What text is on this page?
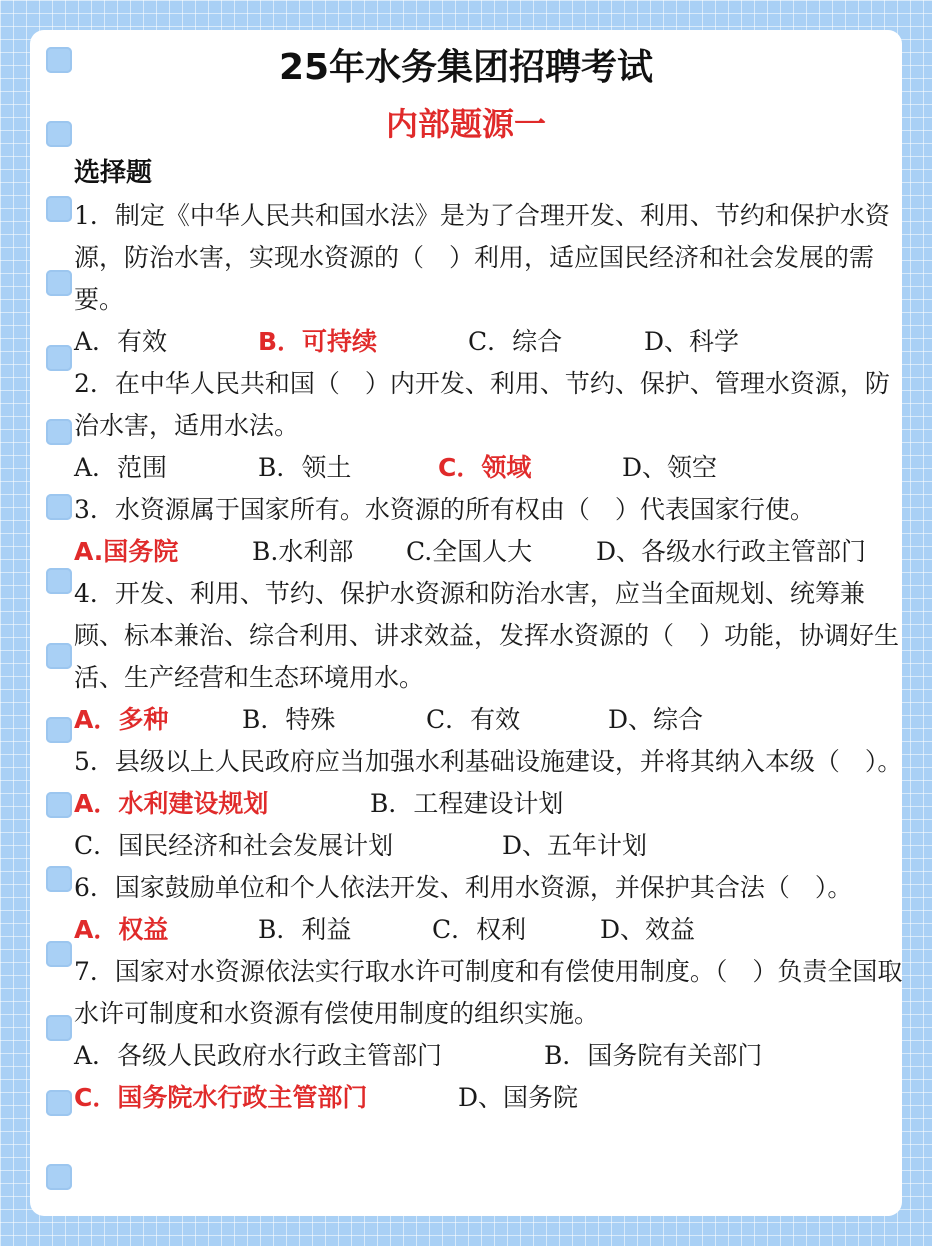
25年水务集团招聘考试
内部题源一
选择题

1．制定《中华人民共和国水法》是为了合理开发、利用、节约和保护水资源，防治水害，实现水资源的（　）利用，适应国民经济和社会发展的需要。

A．有效	B．可持续	C．综合	D、科学

2．在中华人民共和国（　）内开发、利用、节约、保护、管理水资源，防治水害，适用水法。

A．范围	B．领土	C．领域	D、领空

3．水资源属于国家所有。水资源的所有权由（　）代表国家行使。

A.国务院	B.水利部 C.全国人大	D、各级水行政主管部门

4．开发、利用、节约、保护水资源和防治水害，应当全面规划、统筹兼顾、标本兼治、综合利用、讲求效益，发挥水资源的（　）功能，协调好生活、生产经营和生态环境用水。

A．多种	B．特殊	C．有效	D、综合

5．县级以上人民政府应当加强水利基础设施建设，并将其纳入本级（　）。

A．水利建设规划	B．工程建设计划
C．国民经济和社会发展计划	D、五年计划

6．国家鼓励单位和个人依法开发、利用水资源，并保护其合法（　）。

A．权益	B．利益	C．权利	D、效益

7．国家对水资源依法实行取水许可制度和有偿使用制度。（　）负责全国取水许可制度和水资源有偿使用制度的组织实施。

A．各级人民政府水行政主管部门	B．国务院有关部门
C．国务院水行政主管部门	D、国务院
